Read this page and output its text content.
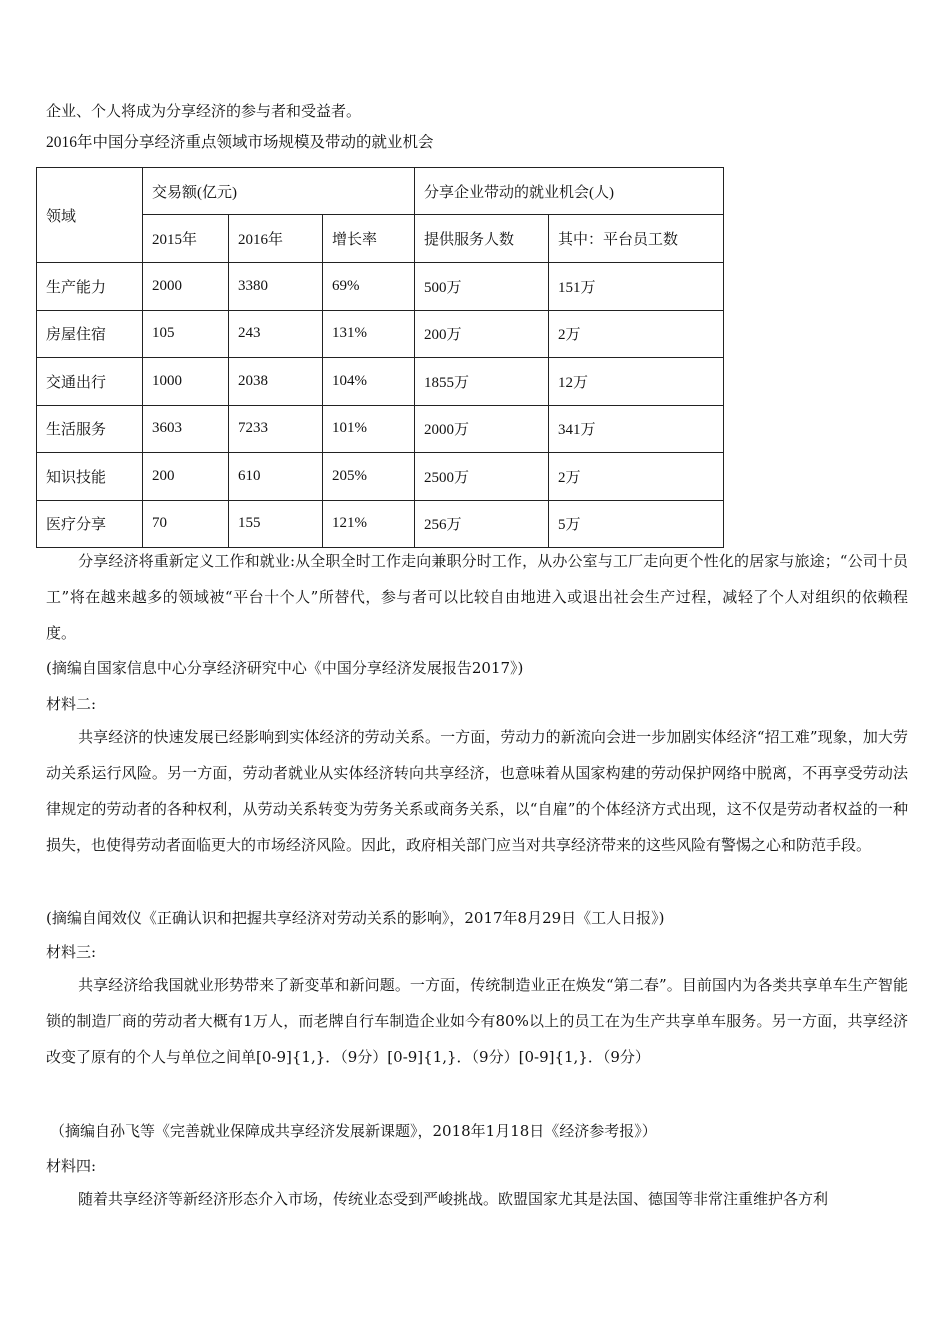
企业、个人将成为分享经济的参与者和受益者。
2016年中国分享经济重点领域市场规模及带动的就业机会
领域	交易额(亿元)			分享企业带动的就业机会(人)	
	2015年	2016年	增长率	提供服务人数	其中：平台员工数
生产能力	2000	3380	69%	500万	151万
房屋住宿	105	243	131%	200万	2万
交通出行	1000	2038	104%	1855万	12万
生活服务	3603	7233	101%	2000万	341万
知识技能	200	610	205%	2500万	2万
医疗分享	70	155	121%	256万	5万
分享经济将重新定义工作和就业:从全职全时工作走向兼职分时工作，从办公室与工厂走向更个性化的居家与旅途；“公司十员工”将在越来越多的领域被“平台十个人”所替代，参与者可以比较自由地进入或退出社会生产过程，减轻了个人对组织的依赖程度。
(摘编自国家信息中心分享经济研究中心《中国分享经济发展报告2017》)
材料二:
共享经济的快速发展已经影响到实体经济的劳动关系。一方面，劳动力的新流向会进一步加剧实体经济“招工难”现象，加大劳动关系运行风险。另一方面，劳动者就业从实体经济转向共享经济，也意味着从国家构建的劳动保护网络中脱离，不再享受劳动法律规定的劳动者的各种权利，从劳动关系转变为劳务关系或商务关系，以“自雇”的个体经济方式出现，这不仅是劳动者权益的一种损失，也使得劳动者面临更大的市场经济风险。因此，政府相关部门应当对共享经济带来的这些风险有警惕之心和防范手段。
(摘编自闻效仪《正确认识和把握共享经济对劳动关系的影响》，2017年8月29日《工人日报》)
材料三:
共享经济给我国就业形势带来了新变革和新问题。一方面，传统制造业正在焕发“第二春”。目前国内为各类共享单车生产智能锁的制造厂商的劳动者大概有1万人，而老牌自行车制造企业如今有80%以上的员工在为生产共享单车服务。另一方面，共享经济改变了原有的个人与单位之间单[0-9]{1,}．（9分）[0-9]{1,}．（9分）[0-9]{1,}．（9分）
（摘编自孙飞等《完善就业保障成共享经济发展新课题》，2018年1月18日《经济参考报》）
材料四:
随着共享经济等新经济形态介入市场，传统业态受到严峻挑战。欧盟国家尤其是法国、德国等非常注重维护各方利
